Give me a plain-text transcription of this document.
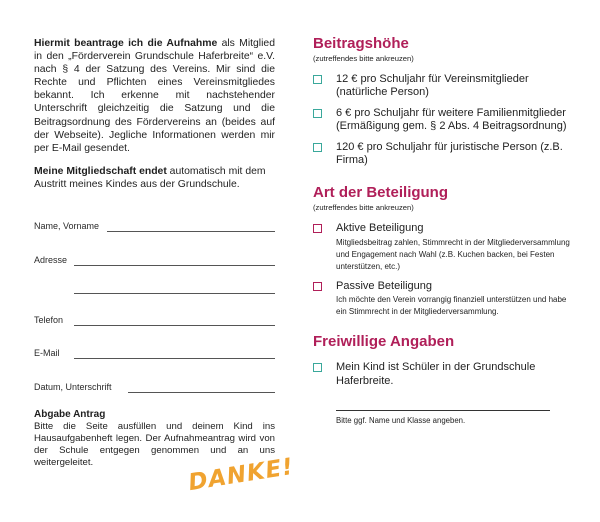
Hiermit beantrage ich die Aufnahme als Mitglied in den „Förderverein Grundschule Haferbreite“ e.V. nach § 4 der Satzung des Vereins. Mir sind die Rechte und Pflichten eines Vereinsmitgliedes bekannt. Ich erkenne mit nachstehender Unterschrift gleichzeitig die Satzung und die Beitragsordnung des Fördervereins an (beides auf der Webseite). Jegliche Informationen werden mir per E-Mail gesendet.

Meine Mitgliedschaft endet automatisch mit dem Austritt meines Kindes aus der Grundschule.

Name, Vorname
Adresse
Telefon
E-Mail
Datum, Unterschrift
Abgabe Antrag

Bitte die Seite ausfüllen und deinem Kind ins Hausaufgabenheft legen. Der Aufnahmeantrag wird von der Schule entgegen genommen und an uns weitergeleitet.	DANKE!
Beitragshöhe
(zutreffendes bitte ankreuzen)
12 € pro Schuljahr für Vereinsmitglieder (natürliche Person)
6 € pro Schuljahr für weitere Familienmitglieder (Ermäßigung gem. § 2 Abs. 4 Beitragsordnung)
120 € pro Schuljahr für juristische Person (z.B. Firma)
Art der Beteiligung
(zutreffendes bitte ankreuzen)
Aktive Beteiligung
Mitgliedsbeitrag zahlen, Stimmrecht in der Mitgliederversammlung und Engagement nach Wahl (z.B. Kuchen backen, bei Festen unterstützen, etc.)
Passive Beteiligung
Ich möchte den Verein vorrangig finanziell unterstützen und habe ein Stimmrecht in der Mitgliederversammlung.
Freiwillige Angaben
Mein Kind ist Schüler in der Grundschule Haferbreite.
Bitte ggf. Name und Klasse angeben.
